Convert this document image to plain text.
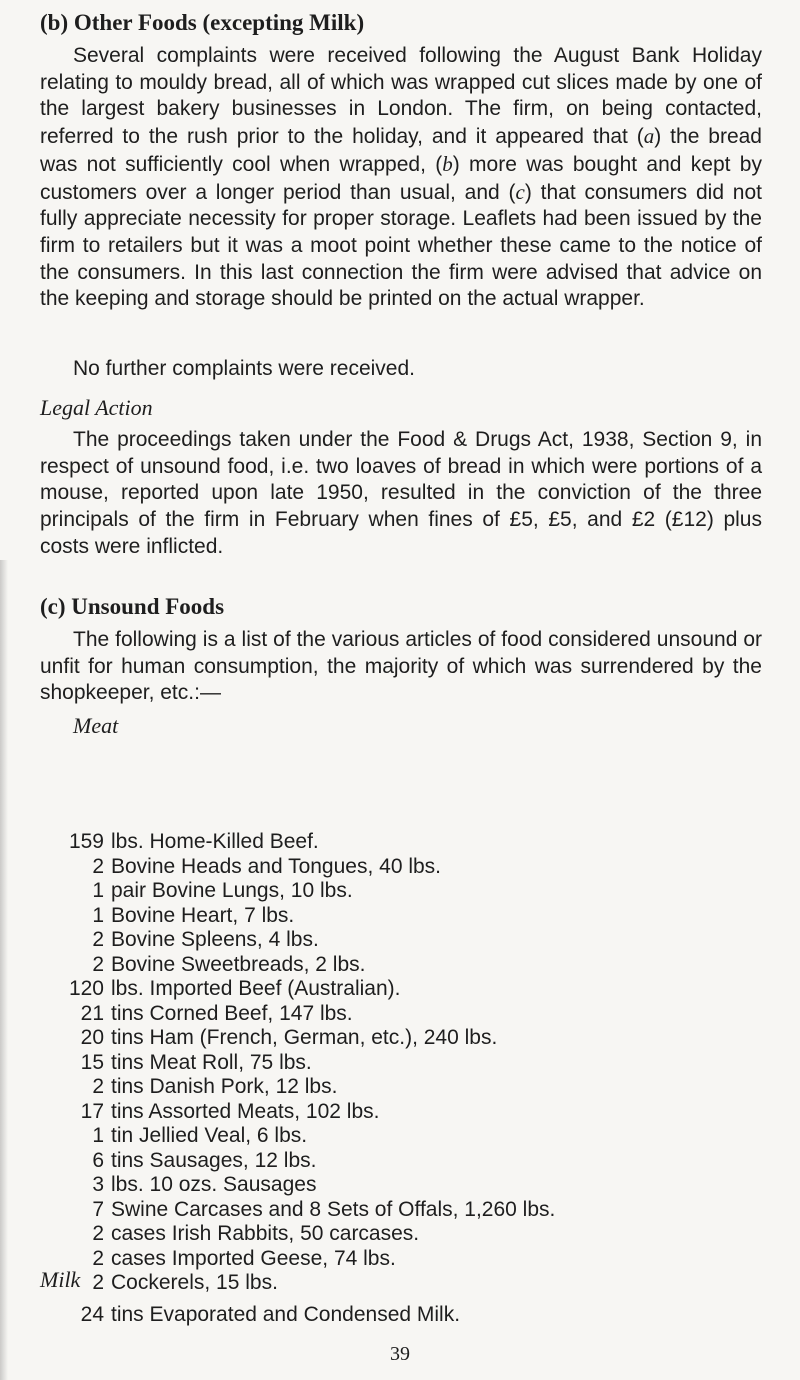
(b) Other Foods (excepting Milk)

Several complaints were received following the August Bank Holiday relating to mouldy bread, all of which was wrapped cut slices made by one of the largest bakery businesses in London. The firm, on being contacted, referred to the rush prior to the holiday, and it appeared that (a) the bread was not sufficiently cool when wrapped, (b) more was bought and kept by customers over a longer period than usual, and (c) that consumers did not fully appreciate necessity for proper storage. Leaflets had been issued by the firm to retailers but it was a moot point whether these came to the notice of the consumers. In this last connection the firm were advised that advice on the keeping and storage should be printed on the actual wrapper.

No further complaints were received.

Legal Action

The proceedings taken under the Food & Drugs Act, 1938, Section 9, in respect of unsound food, i.e. two loaves of bread in which were portions of a mouse, reported upon late 1950, resulted in the conviction of the three principals of the firm in February when fines of £5, £5, and £2 (£12) plus costs were inflicted.

(c) Unsound Foods

The following is a list of the various articles of food considered unsound or unfit for human consumption, the majority of which was surrendered by the shopkeeper, etc.:—

Meat
159 lbs. Home-Killed Beef.
2 Bovine Heads and Tongues, 40 lbs.
1 pair Bovine Lungs, 10 lbs.
1 Bovine Heart, 7 lbs.
2 Bovine Spleens, 4 lbs.
2 Bovine Sweetbreads, 2 lbs.
120 lbs. Imported Beef (Australian).
21 tins Corned Beef, 147 lbs.
20 tins Ham (French, German, etc.), 240 lbs.
15 tins Meat Roll, 75 lbs.
2 tins Danish Pork, 12 lbs.
17 tins Assorted Meats, 102 lbs.
1 tin Jellied Veal, 6 lbs.
6 tins Sausages, 12 lbs.
3 lbs. 10 ozs. Sausages
7 Swine Carcases and 8 Sets of Offals, 1,260 lbs.
2 cases Irish Rabbits, 50 carcases.
2 cases Imported Geese, 74 lbs.
2 Cockerels, 15 lbs.
Milk
24 tins Evaporated and Condensed Milk.
39
